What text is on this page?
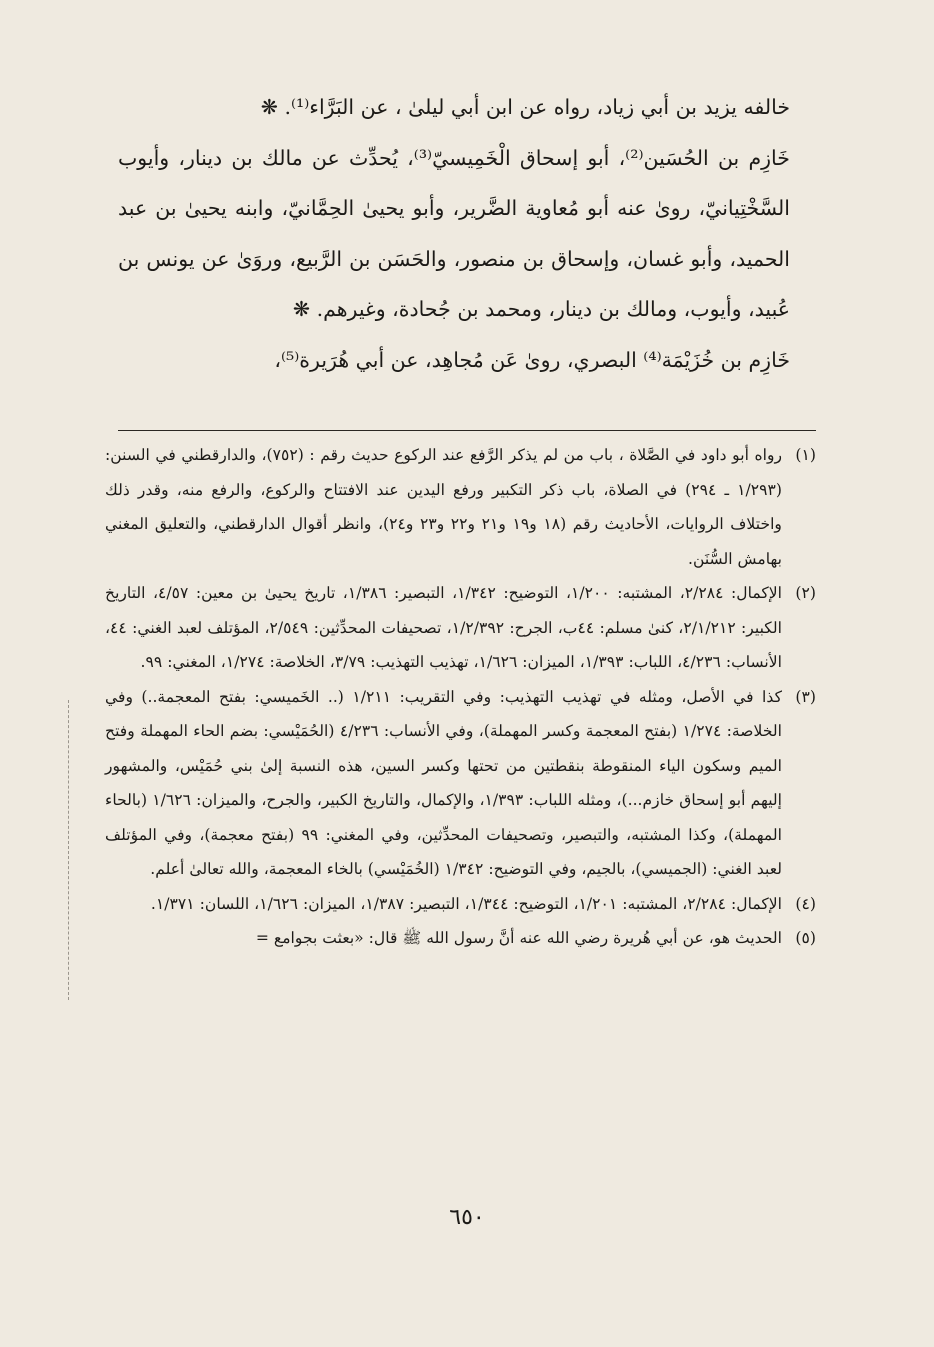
خالفه يزيد بن أبي زياد، رواه عن ابن أبي ليلىٰ ، عن البَرَّاء⁽¹⁾. ❋

خَازِم بن الحُسَين⁽²⁾، أبو إسحاق الْخَمِيسيّ⁽³⁾، يُحدِّث عن مالك بن دينار، وأيوب السَّخْتِيانيّ، روىٰ عنه أبو مُعاوية الضَّرير، وأبو يحيىٰ الحِمَّانيّ، وابنه يحيىٰ بن عبد الحميد، وأبو غسان، وإسحاق بن منصور، والحَسَن بن الرَّبيع، وروَىٰ عن يونس بن عُبيد، وأيوب، ومالك بن دينار، ومحمد بن جُحادة، وغيرهم. ❋

خَازِم بن خُزَيْمَة⁽⁴⁾ البصري، روىٰ عَن مُجاهِد، عن أبي هُرَيرة⁽⁵⁾،

(١)
رواه أبو داود في الصَّلاة ، باب من لم يذكر الرَّفع عند الركوع حديث رقم : (٧٥٢)، والدارقطني في السنن: (١/٢٩٣ ـ ٢٩٤) في الصلاة، باب ذكر التكبير ورفع اليدين عند الافتتاح والركوع، والرفع منه، وقدر ذلك واختلاف الروايات، الأحاديث رقم (١٨ و١٩ و٢١ و٢٢ و٢٣ و٢٤)، وانظر أقوال الدارقطني، والتعليق المغني بهامش السُّنَن.

(٢)
الإكمال: ٢/٢٨٤، المشتبه: ١/٢٠٠، التوضيح: ١/٣٤٢، التبصير: ١/٣٨٦، تاريخ يحيىٰ بن معين: ٤/٥٧، التاريخ الكبير: ٢/١/٢١٢، كنىٰ مسلم: ٤٤ب، الجرح: ١/٢/٣٩٢، تصحيفات المحدِّثين: ٢/٥٤٩، المؤتلف لعبد الغني: ٤٤، الأنساب: ٤/٢٣٦، اللباب: ١/٣٩٣، الميزان: ١/٦٢٦، تهذيب التهذيب: ٣/٧٩، الخلاصة: ١/٢٧٤، المغني: ٩٩.

(٣)
كذا في الأصل، ومثله في تهذيب التهذيب: وفي التقريب: ١/٢١١ (.. الخَميسي: بفتح المعجمة..) وفي الخلاصة: ١/٢٧٤ (بفتح المعجمة وكسر المهملة)، وفي الأنساب: ٤/٢٣٦ (الحُمَيْسي: بضم الحاء المهملة وفتح الميم وسكون الياء المنقوطة بنقطتين من تحتها وكسر السين، هذه النسبة إلىٰ بني حُمَيْس، والمشهور إليهم أبو إسحاق خازم...)، ومثله اللباب: ١/٣٩٣، والإكمال، والتاريخ الكبير، والجرح، والميزان: ١/٦٢٦ (بالحاء المهملة)، وكذا المشتبه، والتبصير، وتصحيفات المحدِّثين، وفي المغني: ٩٩ (بفتح معجمة)، وفي المؤتلف لعبد الغني: (الجميسي)، بالجيم، وفي التوضيح: ١/٣٤٢ (الخُمَيْسي) بالخاء المعجمة، والله تعالىٰ أعلم.

(٤)
الإكمال: ٢/٢٨٤، المشتبه: ١/٢٠١، التوضيح: ١/٣٤٤، التبصير: ١/٣٨٧، الميزان: ١/٦٢٦، اللسان: ١/٣٧١.

(٥)
الحديث هو، عن أبي هُريرة رضي الله عنه أنَّ رسول الله ﷺ قال: «بعثت بجوامع =

٦٥٠
